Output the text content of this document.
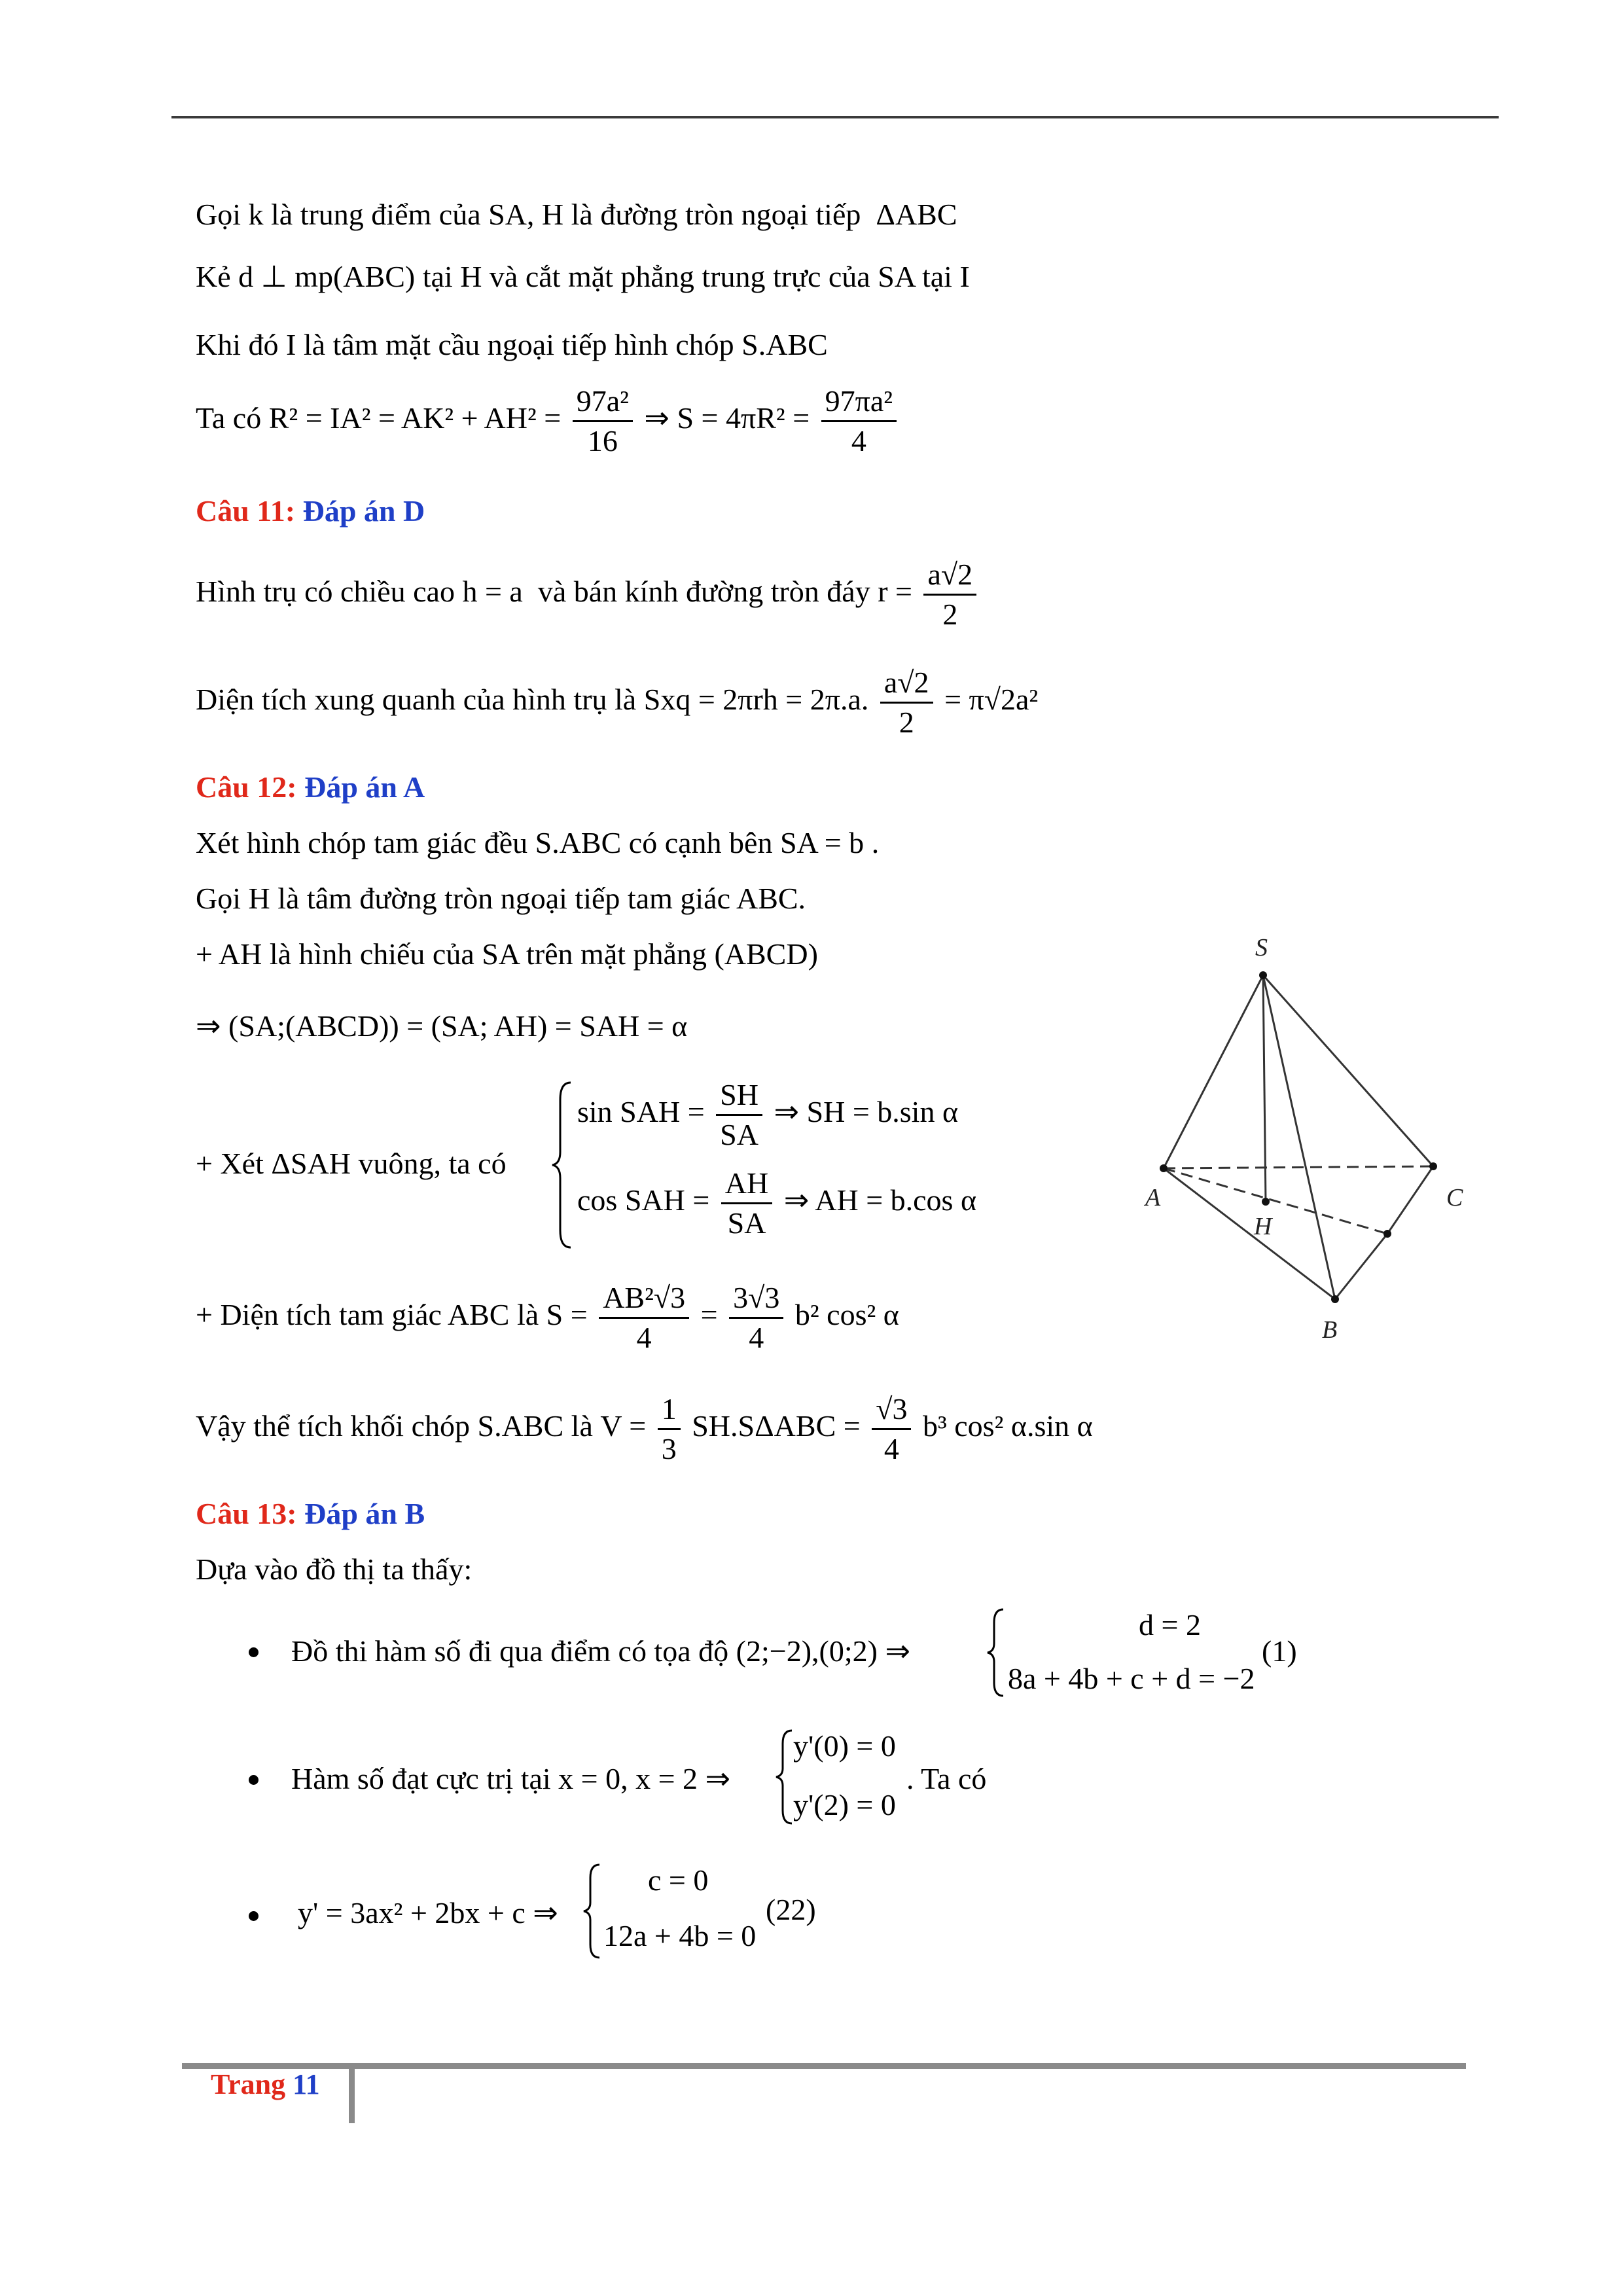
Gọi k là trung điểm của SA, H là đường tròn ngoại tiếp ΔABC
Kẻ d ⊥ mp(ABC) tại H và cắt mặt phẳng trung trực của SA tại I
Khi đó I là tâm mặt cầu ngoại tiếp hình chóp S.ABC
Ta có $R^2 = IA^2 = AK^2 + AH^2 = \frac{\text{97a²}}{16}$ ⇒ $S = 4\pi R^2 = \frac{\text{97πa²}}{4}$
Câu 11: Đáp án D
Hình trụ có chiều cao h = a và bán kính đường tròn đáy $r = \frac{a√2}{2}$
Diện tích xung quanh của hình trụ là Sxq = 2πrh = 2π.a. $\frac{a√2}{2} = \pi√2a^2$
Câu 12: Đáp án A
Xét hình chóp tam giác đều S.ABC có cạnh bên SA = b .
Gọi H là tâm đường tròn ngoại tiếp tam giác ABC.
+ AH là hình chiếu của SA trên mặt phẳng (ABCD)
⇒ (SA;(ABCD)) = (SA; AH) = SAH = α
+ Xét ΔSAH vuông, ta có
sin SAH = $\frac{SH}{SA}$ ⇒ SH = b.sin α
cos SAH = $\frac{AH}{SA}$ ⇒ AH = b.cos α
+ Diện tích tam giác ABC là $S = \frac{\text{AB²√3}}{4} = \frac{3√3}{4} b^2$ cos² α
Vậy thể tích khối chóp S.ABC là $V = \frac{1}{3} SH.S\Delta ABC = \frac{√3}{4} b^3$ cos² α.sin α
S
A	C
B
H
Câu 13: Đáp án B
Dựa vào đồ thị ta thấy:
Đồ thi hàm số đi qua điểm có tọa độ (2;−2),(0;2) ⇒
d = 2
8a + 4b + c + d = −2
(1)
Hàm số đạt cực trị tại x = 0, x = 2 ⇒
y'(0) = 0
y'(2) = 0
. Ta có
y' = 3ax² + 2bx + c ⇒
c = 0
12a + 4b = 0
(22)
Trang 11
